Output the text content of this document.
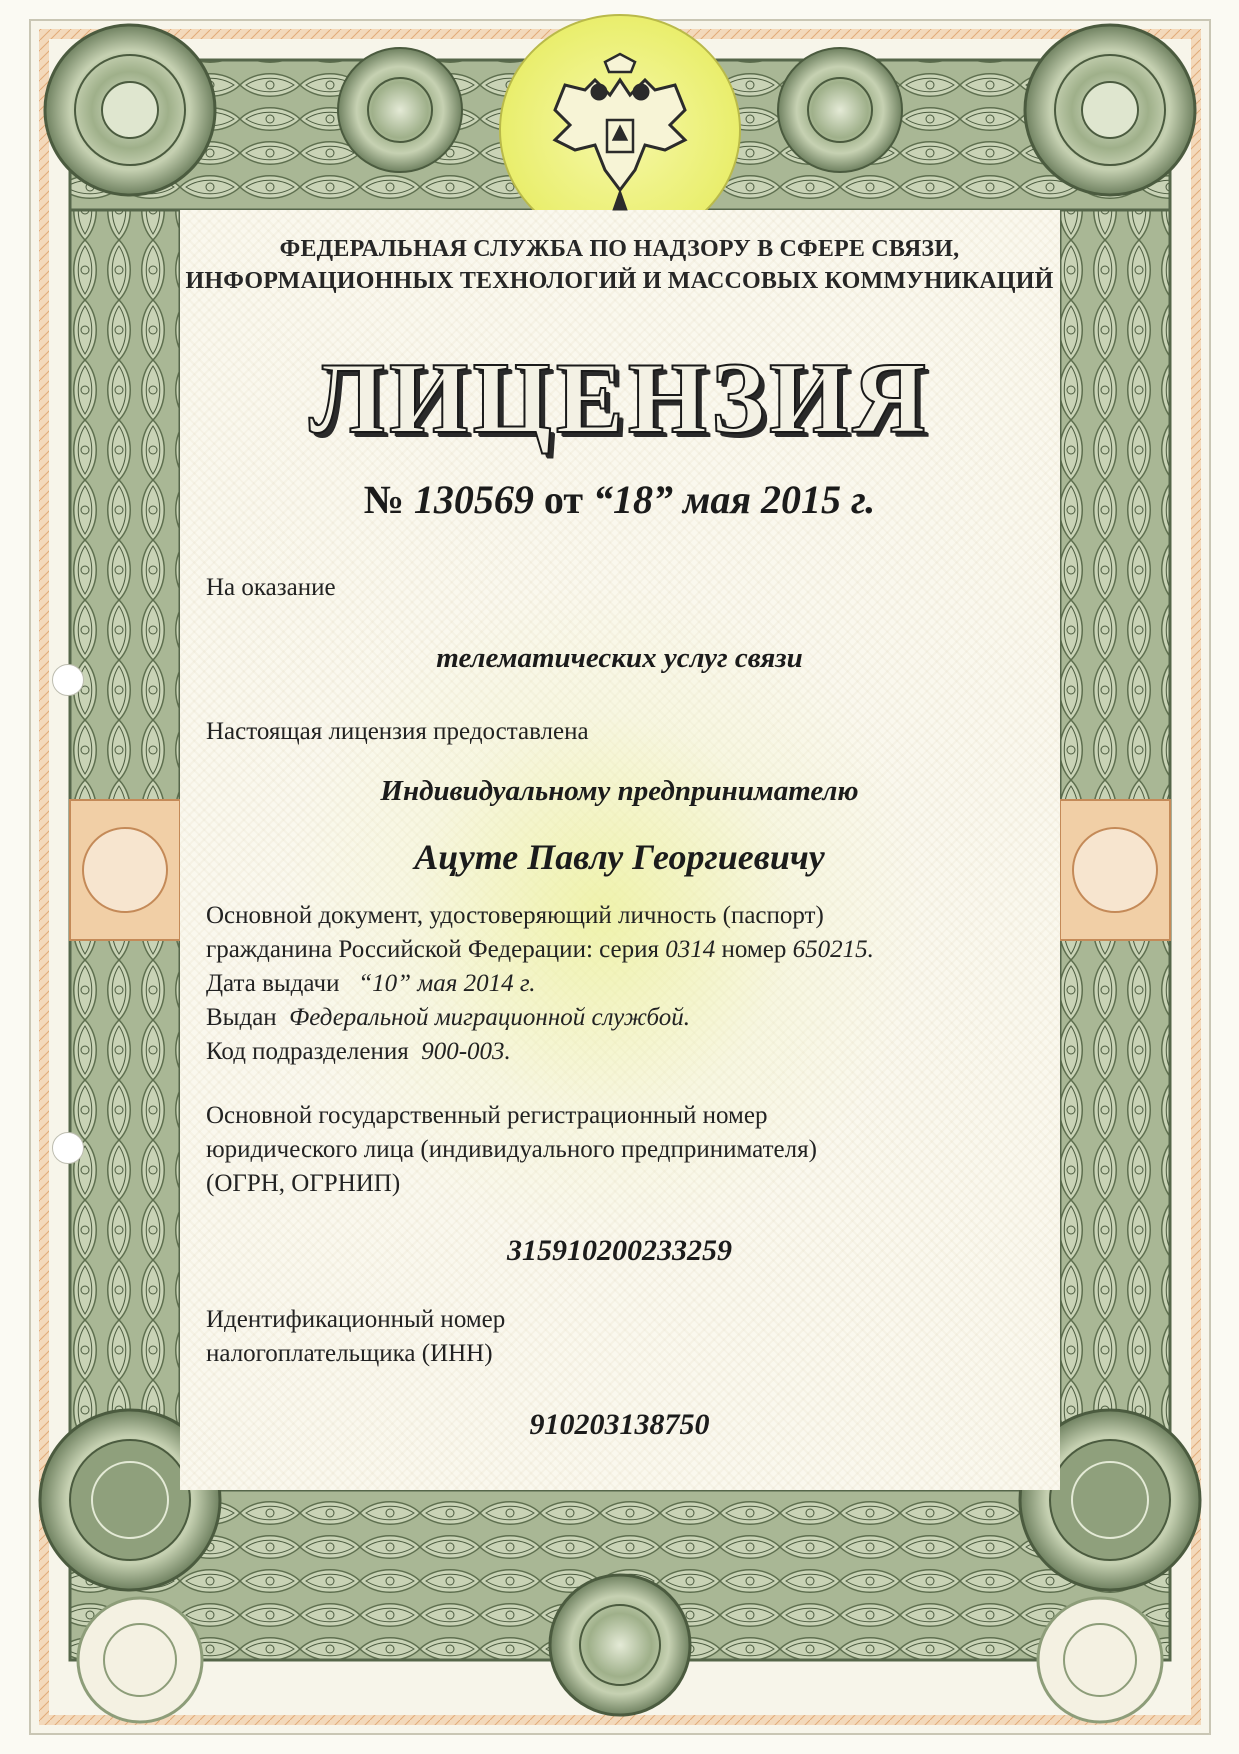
ФЕДЕРАЛЬНАЯ СЛУЖБА ПО НАДЗОРУ В СФЕРЕ СВЯЗИ,
ИНФОРМАЦИОННЫХ ТЕХНОЛОГИЙ И МАССОВЫХ КОММУНИКАЦИЙ
ЛИЦЕНЗИЯ
№ 130569 от “18” мая 2015 г.
На оказание
телематических услуг связи
Настоящая лицензия предоставлена
Индивидуальному предпринимателю
Ацуте Павлу Георгиевичу
Основной документ, удостоверяющий личность (паспорт)
гражданина Российской Федерации: серия 0314 номер 650215.
Дата выдачи “10” мая 2014 г.
Выдан Федеральной миграционной службой.
Код подразделения 900-003.
Основной государственный регистрационный номер
юридического лица (индивидуального предпринимателя)
(ОГРН, ОГРНИП)
315910200233259
Идентификационный номер
налогоплательщика (ИНН)
910203138750
